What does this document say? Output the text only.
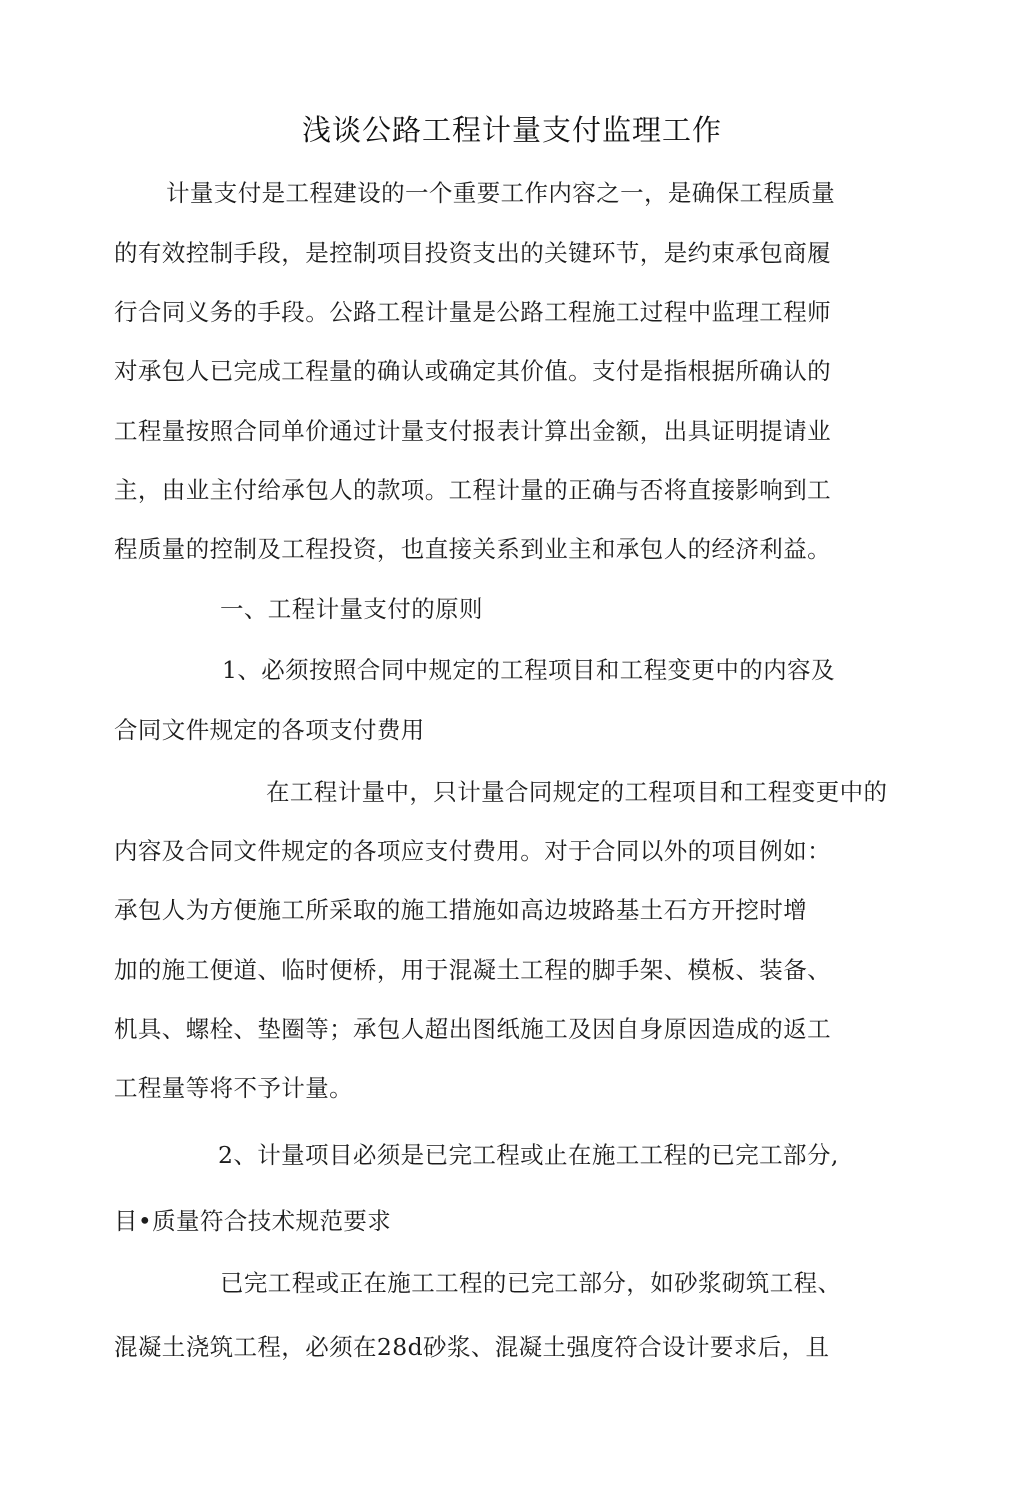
浅谈公路工程计量支付监理工作
计量支付是工程建设的一个重要工作内容之一，是确保工程质量
的有效控制手段，是控制项目投资支出的关键环节，是约束承包商履
行合同义务的手段。公路工程计量是公路工程施工过程中监理工程师
对承包人已完成工程量的确认或确定其价值。支付是指根据所确认的
工程量按照合同单价通过计量支付报表计算出金额，出具证明提请业
主，由业主付给承包人的款项。工程计量的正确与否将直接影响到工
程质量的控制及工程投资，也直接关系到业主和承包人的经济利益。
一、工程计量支付的原则
1、必须按照合同中规定的工程项目和工程变更中的内容及
合同文件规定的各项支付费用
在工程计量中，只计量合同规定的工程项目和工程变更中的
内容及合同文件规定的各项应支付费用。对于合同以外的项目例如：
承包人为方便施工所采取的施工措施如高边坡路基土石方开挖时增
加的施工便道、临时便桥，用于混凝土工程的脚手架、模板、装备、
机具、螺栓、垫圈等；承包人超出图纸施工及因自身原因造成的返工
工程量等将不予计量。
2、计量项目必须是已完工程或止在施工工程的已完工部分,
目•质量符合技术规范要求
已完工程或正在施工工程的已完工部分，如砂浆砌筑工程、
混凝土浇筑工程，必须在28d砂浆、混凝土强度符合设计要求后，且
